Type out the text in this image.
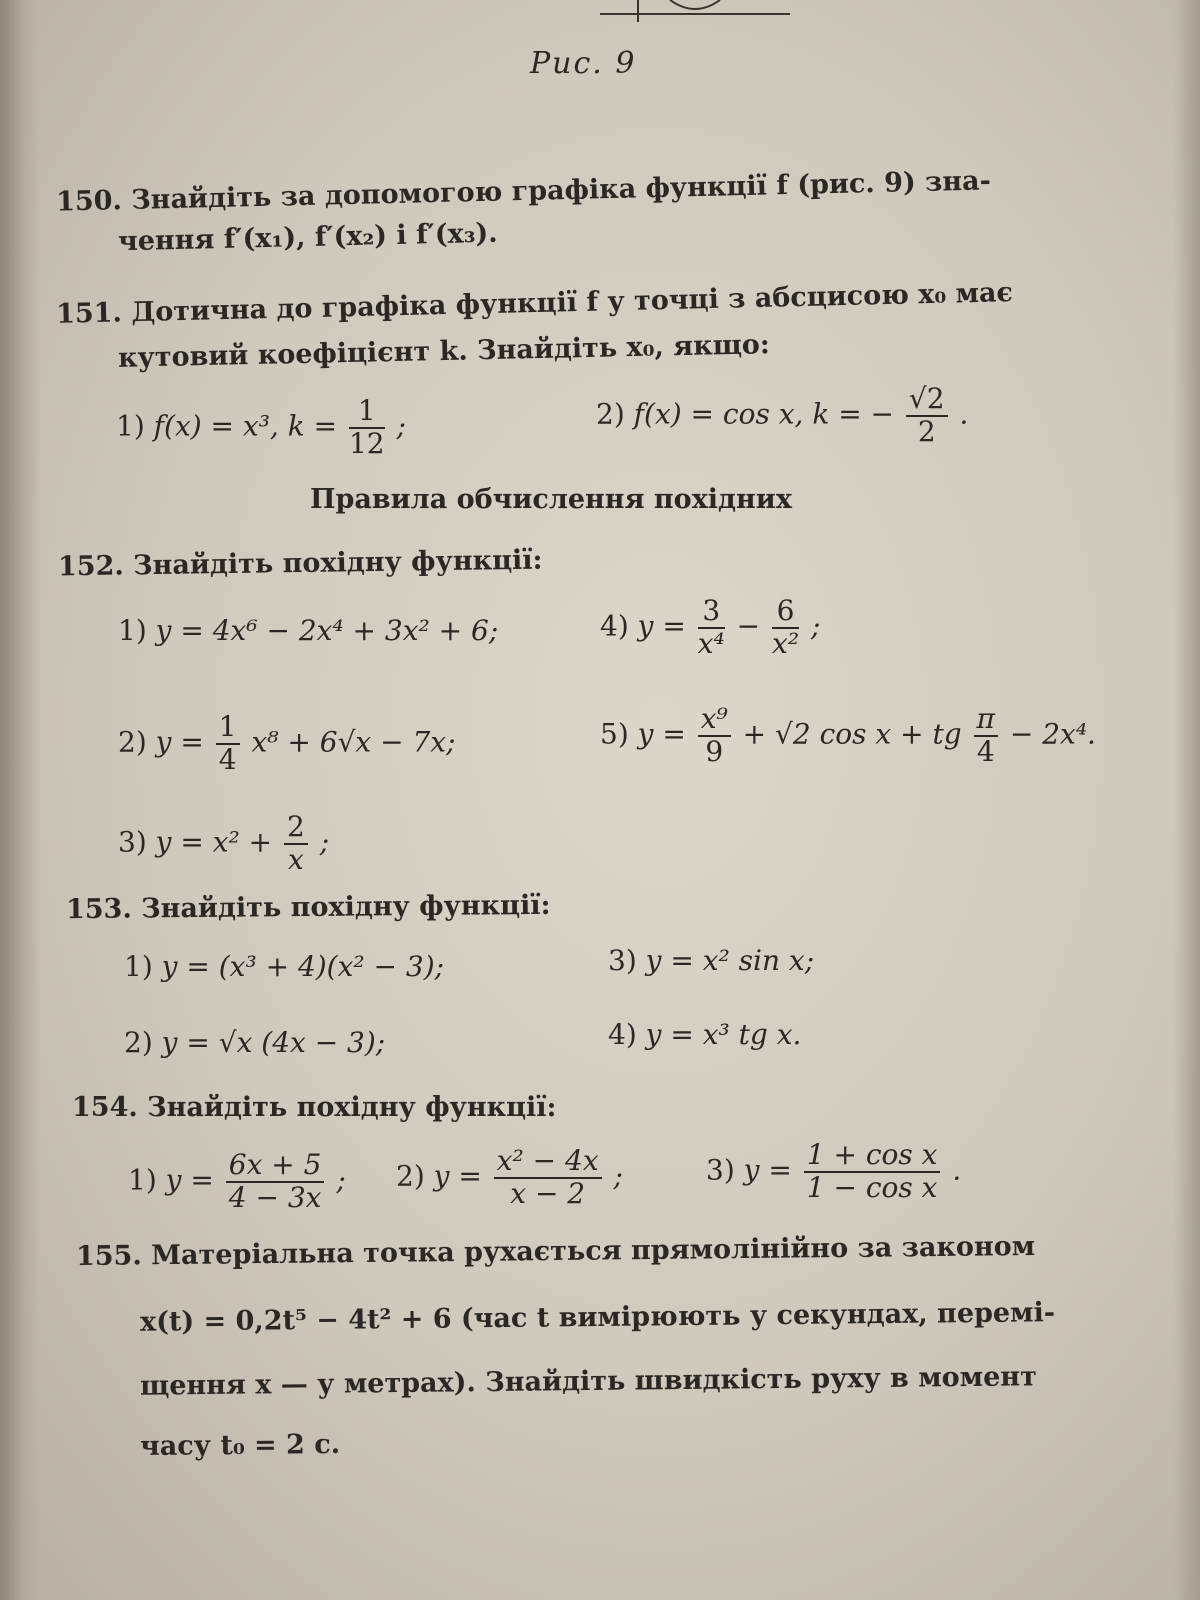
Рис. 9
150. Знайдіть за допомогою графіка функції f (рис. 9) зна-
чення f′(x₁), f′(x₂) і f′(x₃).
151. Дотична до графіка функції f у точці з абсцисою x₀ має
кутовий коефіцієнт k. Знайдіть x₀, якщо:
1) f(x) = x³, $k = \frac{1}{12}$ ;	2) f(x) = cos x, k = − $\frac{√2}{2}$ .
Правила обчислення похідних
152. Знайдіть похідну функції:
1) y = 4x⁶ − 2x⁴ + 3x² + 6;	4) $y = \frac{3}{\text{x⁴}} - \frac{6}{\text{x²}}$ ;
2) $y = \frac{1}{4} x^8 + 6√x - 7x$;	5) $y = \frac{\text{x⁹}}{9} + √2$ cos x + tg $\frac{\pi}{4} - 2x^4$.
3) $y = x^2 + \frac{2}{x}$ ;
153. Знайдіть похідну функції:
1) y = (x³ + 4)(x² − 3);	3) y = x² sin x;
2) y = √x (4x − 3);	4) y = x³ tg x.
154. Знайдіть похідну функції:
1) $y = \frac{6x + 5}{4 - 3x}$ ; 2) $y = \frac{\text{x² − 4x}}{x - 2}$ ;	3) $y = \frac{\text{1 + cos x}}{\text{1 − cos x}}$ .
155. Матеріальна точка рухається прямолінійно за законом
x(t) = 0,2t⁵ − 4t² + 6 (час t вимірюють у секундах, перемі-
щення x — у метрах). Знайдіть швидкість руху в момент
часу t₀ = 2 с.
